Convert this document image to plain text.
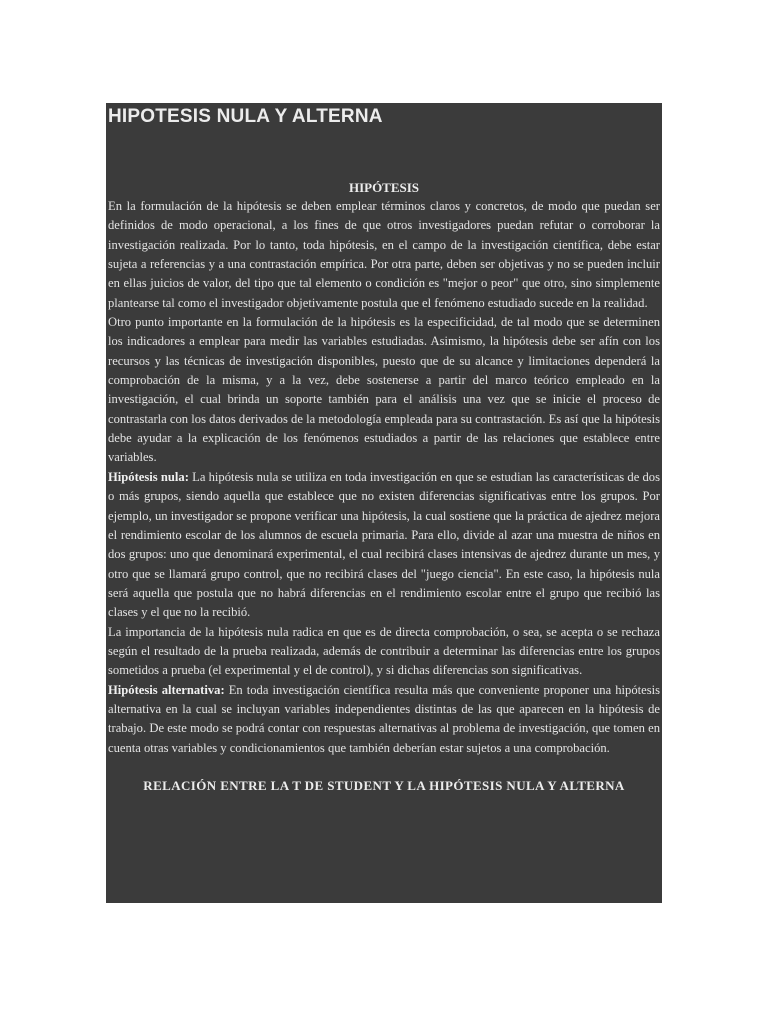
HIPOTESIS NULA Y ALTERNA
HIPÓTESIS

En la formulación de la hipótesis se deben emplear términos claros y concretos, de modo que puedan ser definidos de modo operacional, a los fines de que otros investigadores puedan refutar o corroborar la investigación realizada. Por lo tanto, toda hipótesis, en el campo de la investigación científica, debe estar sujeta a referencias y a una contrastación empírica. Por otra parte, deben ser objetivas y no se pueden incluir en ellas juicios de valor, del tipo que tal elemento o condición es "mejor o peor" que otro, sino simplemente plantearse tal como el investigador objetivamente postula que el fenómeno estudiado sucede en la realidad.

Otro punto importante en la formulación de la hipótesis es la especificidad, de tal modo que se determinen los indicadores a emplear para medir las variables estudiadas. Asimismo, la hipótesis debe ser afín con los recursos y las técnicas de investigación disponibles, puesto que de su alcance y limitaciones dependerá la comprobación de la misma, y a la vez, debe sostenerse a partir del marco teórico empleado en la investigación, el cual brinda un soporte también para el análisis una vez que se inicie el proceso de contrastarla con los datos derivados de la metodología empleada para su contrastación. Es así que la hipótesis debe ayudar a la explicación de los fenómenos estudiados a partir de las relaciones que establece entre variables.

Hipótesis nula: La hipótesis nula se utiliza en toda investigación en que se estudian las características de dos o más grupos, siendo aquella que establece que no existen diferencias significativas entre los grupos. Por ejemplo, un investigador se propone verificar una hipótesis, la cual sostiene que la práctica de ajedrez mejora el rendimiento escolar de los alumnos de escuela primaria. Para ello, divide al azar una muestra de niños en dos grupos: uno que denominará experimental, el cual recibirá clases intensivas de ajedrez durante un mes, y otro que se llamará grupo control, que no recibirá clases del "juego ciencia". En este caso, la hipótesis nula será aquella que postula que no habrá diferencias en el rendimiento escolar entre el grupo que recibió las clases y el que no la recibió.

La importancia de la hipótesis nula radica en que es de directa comprobación, o sea, se acepta o se rechaza según el resultado de la prueba realizada, además de contribuir a determinar las diferencias entre los grupos sometidos a prueba (el experimental y el de control), y si dichas diferencias son significativas.

Hipótesis alternativa: En toda investigación científica resulta más que conveniente proponer una hipótesis alternativa en la cual se incluyan variables independientes distintas de las que aparecen en la hipótesis de trabajo. De este modo se podrá contar con respuestas alternativas al problema de investigación, que tomen en cuenta otras variables y condicionamientos que también deberían estar sujetos a una comprobación.

RELACIÓN ENTRE LA T DE STUDENT Y LA HIPÓTESIS NULA Y ALTERNA
